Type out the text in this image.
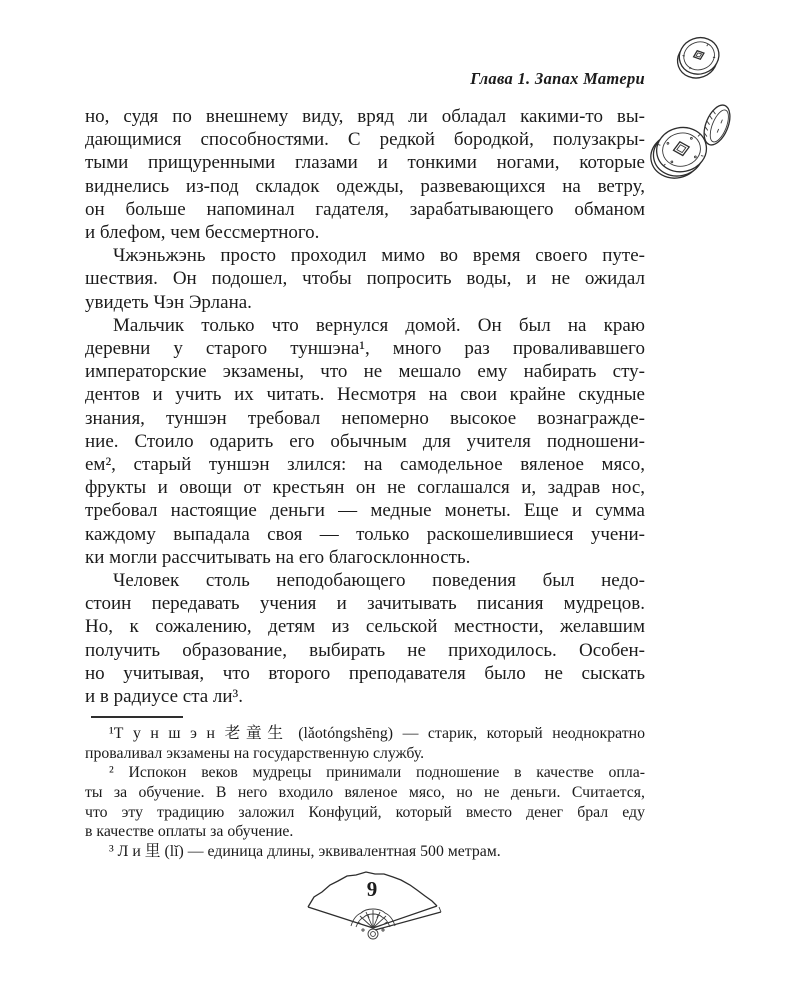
Глава 1. Запах Матери
но, судя по внешнему виду, вряд ли обладал какими-то вы-
дающимися способностями. С редкой бородкой, полузакры-
тыми прищуренными глазами и тонкими ногами, которые
виднелись из-под складок одежды, развевающихся на ветру,
он больше напоминал гадателя, зарабатывающего обманом
и блефом, чем бессмертного.
Чжэньжэнь просто проходил мимо во время своего путе-
шествия. Он подошел, чтобы попросить воды, и не ожидал
увидеть Чэн Эрлана.
Мальчик только что вернулся домой. Он был на краю
деревни у старого туншэна¹, много раз проваливавшего
императорские экзамены, что не мешало ему набирать сту-
дентов и учить их читать. Несмотря на свои крайне скудные
знания, туншэн требовал непомерно высокое вознагражде-
ние. Стоило одарить его обычным для учителя подношени-
ем², старый туншэн злился: на самодельное вяленое мясо,
фрукты и овощи от крестьян он не соглашался и, задрав нос,
требовал настоящие деньги — медные монеты. Еще и сумма
каждому выпадала своя — только раскошелившиеся учени-
ки могли рассчитывать на его благосклонность.
Человек столь неподобающего поведения был недо-
стоин передавать учения и зачитывать писания мудрецов.
Но, к сожалению, детям из сельской местности, желавшим
получить образование, выбирать не приходилось. Особен-
но учитывая, что второго преподавателя было не сыскать
и в радиусе ста ли³.
¹Т у н ш э н 老童生 (lǎotóngshēng) — старик, который неоднократно
проваливал экзамены на государственную службу.
² Испокон веков мудрецы принимали подношение в качестве опла-
ты за обучение. В него входило вяленое мясо, но не деньги. Считается,
что эту традицию заложил Конфуций, который вместо денег брал еду
в качестве оплаты за обучение.
³ Л и 里 (lǐ) — единица длины, эквивалентная 500 метрам.
9
